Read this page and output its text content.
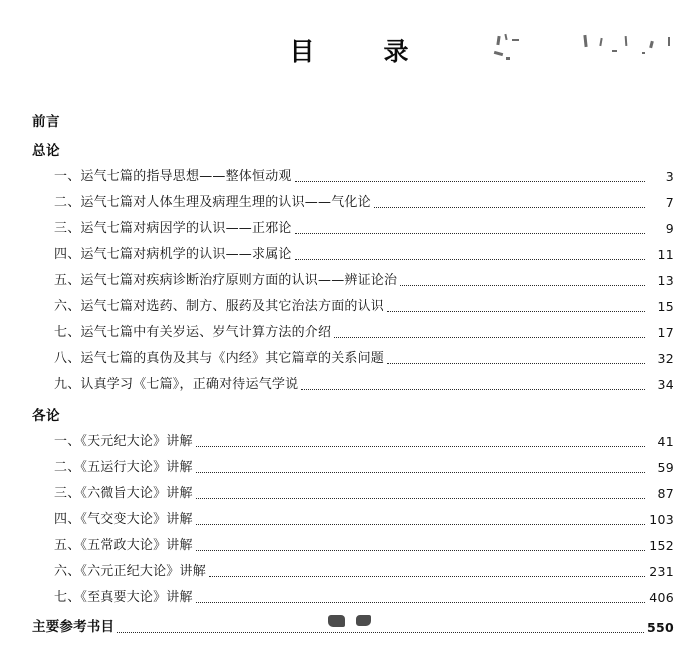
目　录
前言
总论
一、运气七篇的指导思想——整体恒动观	3
二、运气七篇对人体生理及病理生理的认识——气化论	7
三、运气七篇对病因学的认识——正邪论	9
四、运气七篇对病机学的认识——求属论	11
五、运气七篇对疾病诊断治疗原则方面的认识——辨证论治	13
六、运气七篇对选药、制方、服药及其它治法方面的认识	15
七、运气七篇中有关岁运、岁气计算方法的介绍	17
八、运气七篇的真伪及其与《内经》其它篇章的关系问题	32
九、认真学习《七篇》，正确对待运气学说	34
各论
一、《天元纪大论》讲解	41
二、《五运行大论》讲解	59
三、《六微旨大论》讲解	87
四、《气交变大论》讲解	103
五、《五常政大论》讲解	152
六、《六元正纪大论》讲解	231
七、《至真要大论》讲解	406
主要参考书目	550
